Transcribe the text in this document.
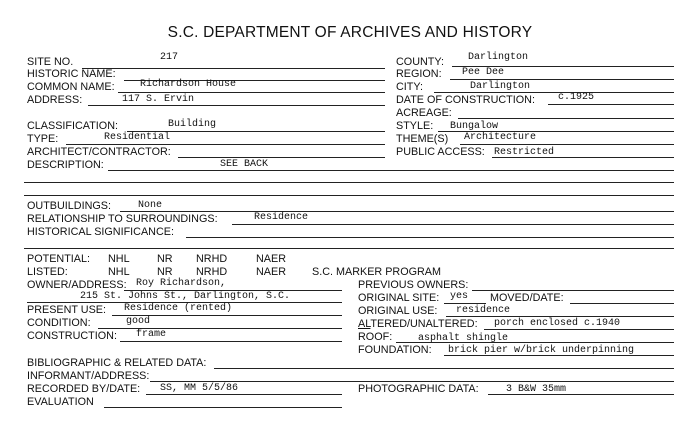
S.C. DEPARTMENT OF ARCHIVES AND HISTORY
SITE NO.	217
HISTORIC NAME:
COMMON NAME:	Richardson House
ADDRESS:	117 S. Ervin
COUNTY: Darlington
REGION: Pee Dee
CITY:	Darlington
DATE OF CONSTRUCTION: c.1925
ACREAGE:
CLASSIFICATION:	Building
TYPE:	Residential
ARCHITECT/CONTRACTOR:
DESCRIPTION:	SEE BACK
STYLE: Bungalow
THEME(S) Architecture
PUBLIC ACCESS: Restricted
OUTBUILDINGS:	None
RELATIONSHIP TO SURROUNDINGS:	Residence
HISTORICAL SIGNIFICANCE:
POTENTIAL: NHL	NR NRHD	NAER
LISTED:	NHL	NR NRHD	NAER S.C. MARKER PROGRAM
OWNER/ADDRESS: Roy Richardson,
215 St. Johns St., Darlington, S.C.
PRESENT USE: Residence (rented)
CONDITION:	good
CONSTRUCTION: frame
PREVIOUS OWNERS:
ORIGINAL SITE: yes MOVED/DATE:
ORIGINAL USE: residence
ALTERED/UNALTERED: porch enclosed c.1940
ROOF:	asphalt shingle
FOUNDATION: brick pier w/brick underpinning
BIBLIOGRAPHIC & RELATED DATA:
INFORMANT/ADDRESS:
RECORDED BY/DATE: SS, MM 5/5/86	PHOTOGRAPHIC DATA:	3 B&W 35mm
EVALUATION
